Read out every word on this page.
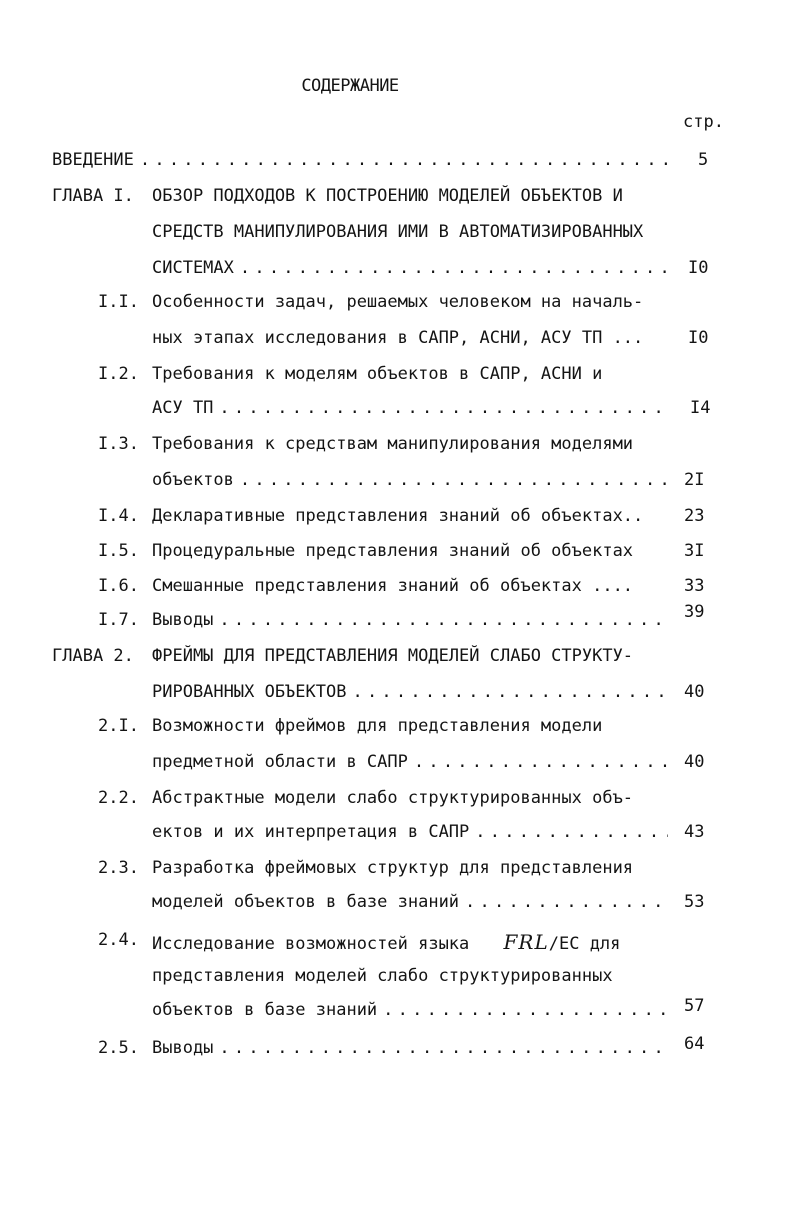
СОДЕРЖАНИЕ
стр.
ВВЕДЕНИЕ . . .	5
ГЛАВА I. ОБЗОР ПОДХОДОВ К ПОСТРОЕНИЮ МОДЕЛЕЙ ОБЪЕКТОВ И
СРЕДСТВ МАНИПУЛИРОВАНИЯ ИМИ В АВТОМАТИЗИРОВАННЫХ
СИСТЕМАХ . . .	I0
I.I. Особенности задач, решаемых человеком на началь-
ных этапах исследования в САПР, АСНИ, АСУ ТП ...	I0
I.2. Требования к моделям объектов в САПР, АСНИ и
АСУ ТП . . .	I4
I.3. Требования к средствам манипулирования моделями
объектов . . .	2I
I.4. Декларативные представления знаний об объектах.. 23
I.5. Процедуральные представления знаний об объектах	3I
I.6. Смешанные представления знаний об объектах ....	33
I.7. Выводы . . .	39
ГЛАВА 2. ФРЕЙМЫ ДЛЯ ПРЕДСТАВЛЕНИЯ МОДЕЛЕЙ СЛАБО СТРУКТУ-
РИРОВАННЫХ ОБЪЕКТОВ . . .	40
2.I. Возможности фреймов для представления модели
предметной области в САПР . . .	40
2.2. Абстрактные модели слабо структурированных объ-
ектов и их интерпретация в САПР . . .	43
2.3. Разработка фреймовых структур для представления
моделей объектов в базе знаний . . .	53
2.4. Исследование возможностей языка FRL/ЕС для
представления моделей слабо структурированных
объектов в базе знаний . . .	57
2.5. Выводы . . .	64
